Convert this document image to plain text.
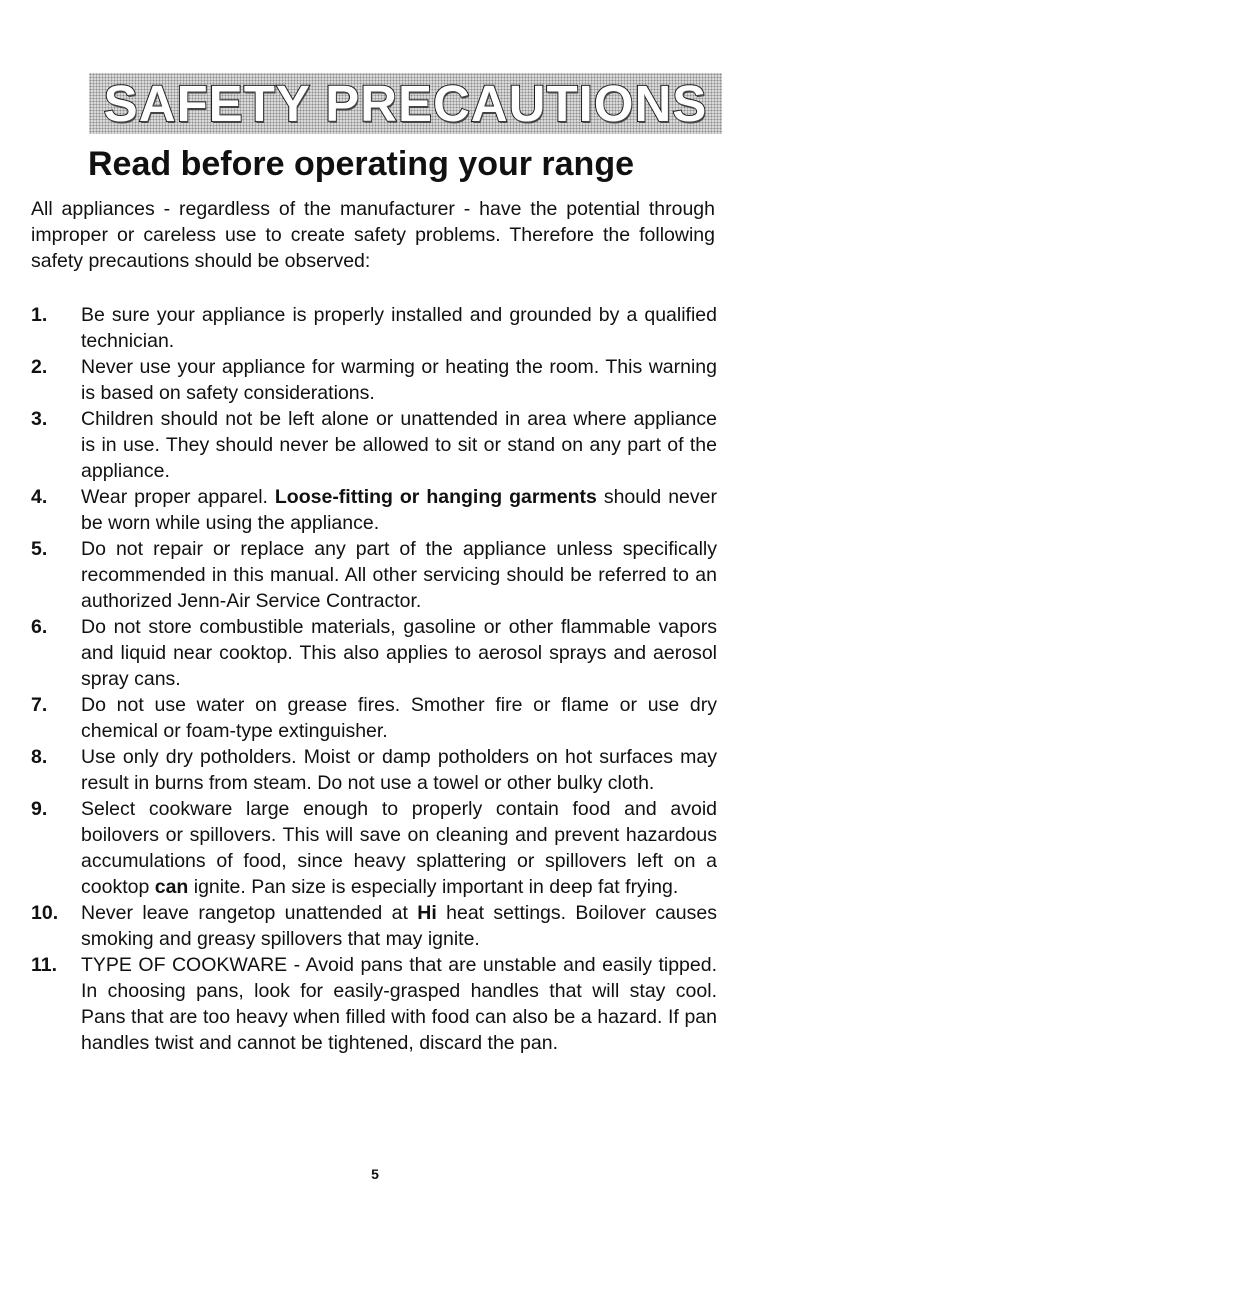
SAFETY PRECAUTIONS
Read before operating your range

All appliances - regardless of the manufacturer - have the potential through improper or careless use to create safety problems. Therefore the following safety precautions should be observed:

1. Be sure your appliance is properly installed and grounded by a qualified technician.
2. Never use your appliance for warming or heating the room. This warning is based on safety considerations.
3. Children should not be left alone or unattended in area where appliance is in use. They should never be allowed to sit or stand on any part of the appliance.
4. Wear proper apparel. Loose-fitting or hanging garments should never be worn while using the appliance.
5. Do not repair or replace any part of the appliance unless specifically recommended in this manual. All other servicing should be referred to an authorized Jenn-Air Service Contractor.
6. Do not store combustible materials, gasoline or other flammable vapors and liquid near cooktop. This also applies to aerosol sprays and aerosol spray cans.
7. Do not use water on grease fires. Smother fire or flame or use dry chemical or foam-type extinguisher.
8. Use only dry potholders. Moist or damp potholders on hot surfaces may result in burns from steam. Do not use a towel or other bulky cloth.
9. Select cookware large enough to properly contain food and avoid boilovers or spillovers. This will save on cleaning and prevent hazardous accumulations of food, since heavy splattering or spillovers left on a cooktop can ignite. Pan size is especially important in deep fat frying.
10. Never leave rangetop unattended at Hi heat settings. Boilover causes smoking and greasy spillovers that may ignite.
11. TYPE OF COOKWARE - Avoid pans that are unstable and easily tipped. In choosing pans, look for easily-grasped handles that will stay cool. Pans that are too heavy when filled with food can also be a hazard. If pan handles twist and cannot be tightened, discard the pan.
5
